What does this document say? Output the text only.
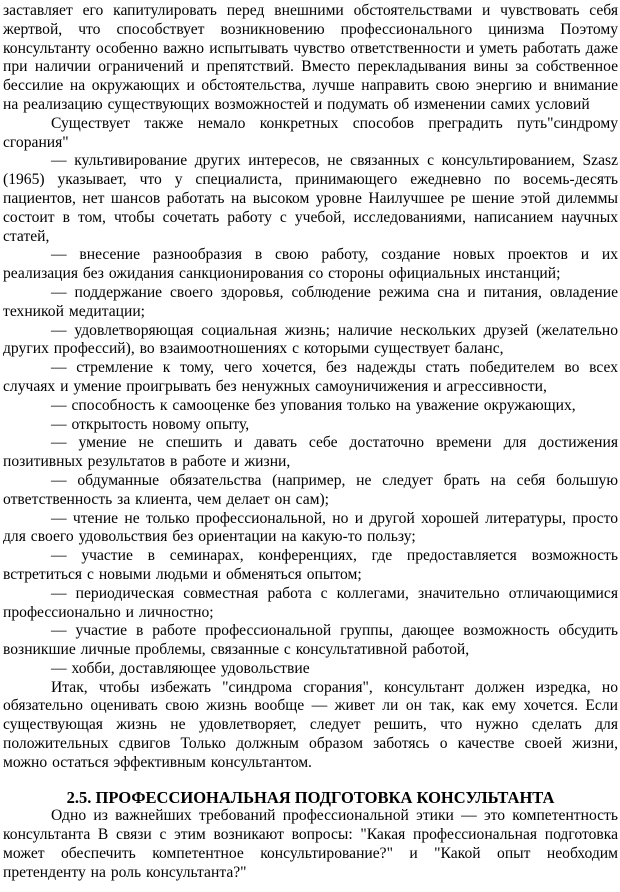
заставляет его капитулировать перед внешними обстоятельствами и чувствовать себя жертвой, что способствует возникновению профессионального цинизма Поэтому консультанту особенно важно испытывать чувство ответственности и уметь работать даже при наличии ограничений и препятствий. Вместо перекладывания вины за собственное бессилие на окружающих и обстоятельства, лучше направить свою энергию и внимание на реализацию существующих возможностей и подумать об изменении самих условий

Существует также немало конкретных способов преградить путь"синдрому сгорания"

— культивирование других интересов, не связанных с консультированием, Szasz (1965) указывает, что у специалиста, принимающего ежедневно по восемь-десять пациентов, нет шансов работать на высоком уровне Наилучшее ре шение этой дилеммы состоит в том, чтобы сочетать работу с учебой, исследованиями, написанием научных статей,

— внесение разнообразия в свою работу, создание новых проектов и их реализация без ожидания санкционирования со стороны официальных инстанций;

— поддержание своего здоровья, соблюдение режима сна и питания, овладение техникой медитации;

— удовлетворяющая социальная жизнь; наличие нескольких друзей (желательно других профессий), во взаимоотношениях с которыми существует баланс,

— стремление к тому, чего хочется, без надежды стать победителем во всех случаях и умение проигрывать без ненужных самоуничижения и агрессивности,

— способность к самооценке без упования только на уважение окружающих,

— открытость новому опыту,

— умение не спешить и давать себе достаточно времени для достижения позитивных результатов в работе и жизни,

— обдуманные обязательства (например, не следует брать на себя большую ответственность за клиента, чем делает он сам);

— чтение не только профессиональной, но и другой хорошей литературы, просто для своего удовольствия без ориентации на какую-то пользу;

— участие в семинарах, конференциях, где предоставляется возможность встретиться с новыми людьми и обменяться опытом;

— периодическая совместная работа с коллегами, значительно отличающимися профессионально и личностно;

— участие в работе профессиональной группы, дающее возможность обсудить возникшие личные проблемы, связанные с консультативной работой,

— хобби, доставляющее удовольствие

Итак, чтобы избежать "синдрома сгорания", консультант должен изредка, но обязательно оценивать свою жизнь вообще — живет ли он так, как ему хочется. Если существующая жизнь не удовлетворяет, следует решить, что нужно сделать для положительных сдвигов Только должным образом заботясь о качестве своей жизни, можно остаться эффективным консультантом.

2.5. ПРОФЕССИОНАЛЬНАЯ ПОДГОТОВКА КОНСУЛЬТАНТА

Одно из важнейших требований профессиональной этики — это компетентность консультанта В связи с этим возникают вопросы: "Какая профессиональная подготовка может обеспечить компетентное консультирование?" и "Какой опыт необходим претенденту на роль консультанта?"
